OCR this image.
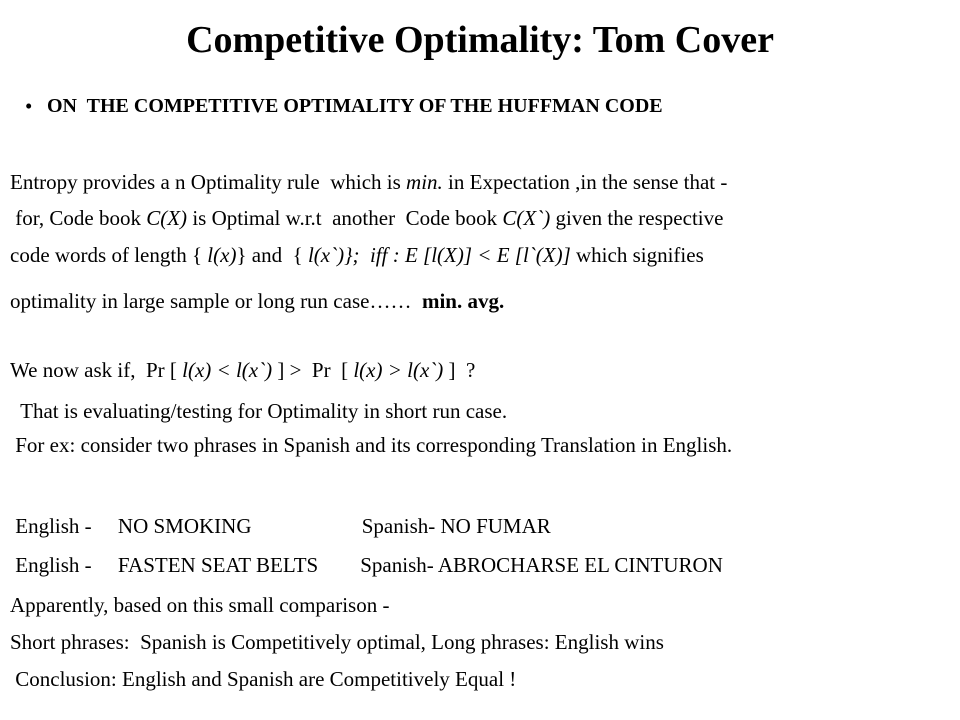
Competitive Optimality: Tom Cover
• ON  THE COMPETITIVE OPTIMALITY OF THE HUFFMAN CODE
Entropy provides a n Optimality rule  which is min. in Expectation ,in the sense that -
for, Code book C(X) is Optimal w.r.t  another  Code book C(X`) given the respective
code words of length { l(x)} and  { l(x`)};  iff : E [l(X)] < E [l`(X)] which signifies
optimality in large sample or long run case……  min. avg.
We now ask if,  Pr [ l(x) < l(x`) ] >  Pr  [ l(x) > l(x`) ]  ?
That is evaluating/testing for Optimality in short run case.
For ex: consider two phrases in Spanish and its corresponding Translation in English.
English -     NO SMOKING                     Spanish- NO FUMAR
English -     FASTEN SEAT BELTS        Spanish- ABROCHARSE EL CINTURON
Apparently, based on this small comparison -
Short phrases:  Spanish is Competitively optimal, Long phrases: English wins
Conclusion: English and Spanish are Competitively Equal !
